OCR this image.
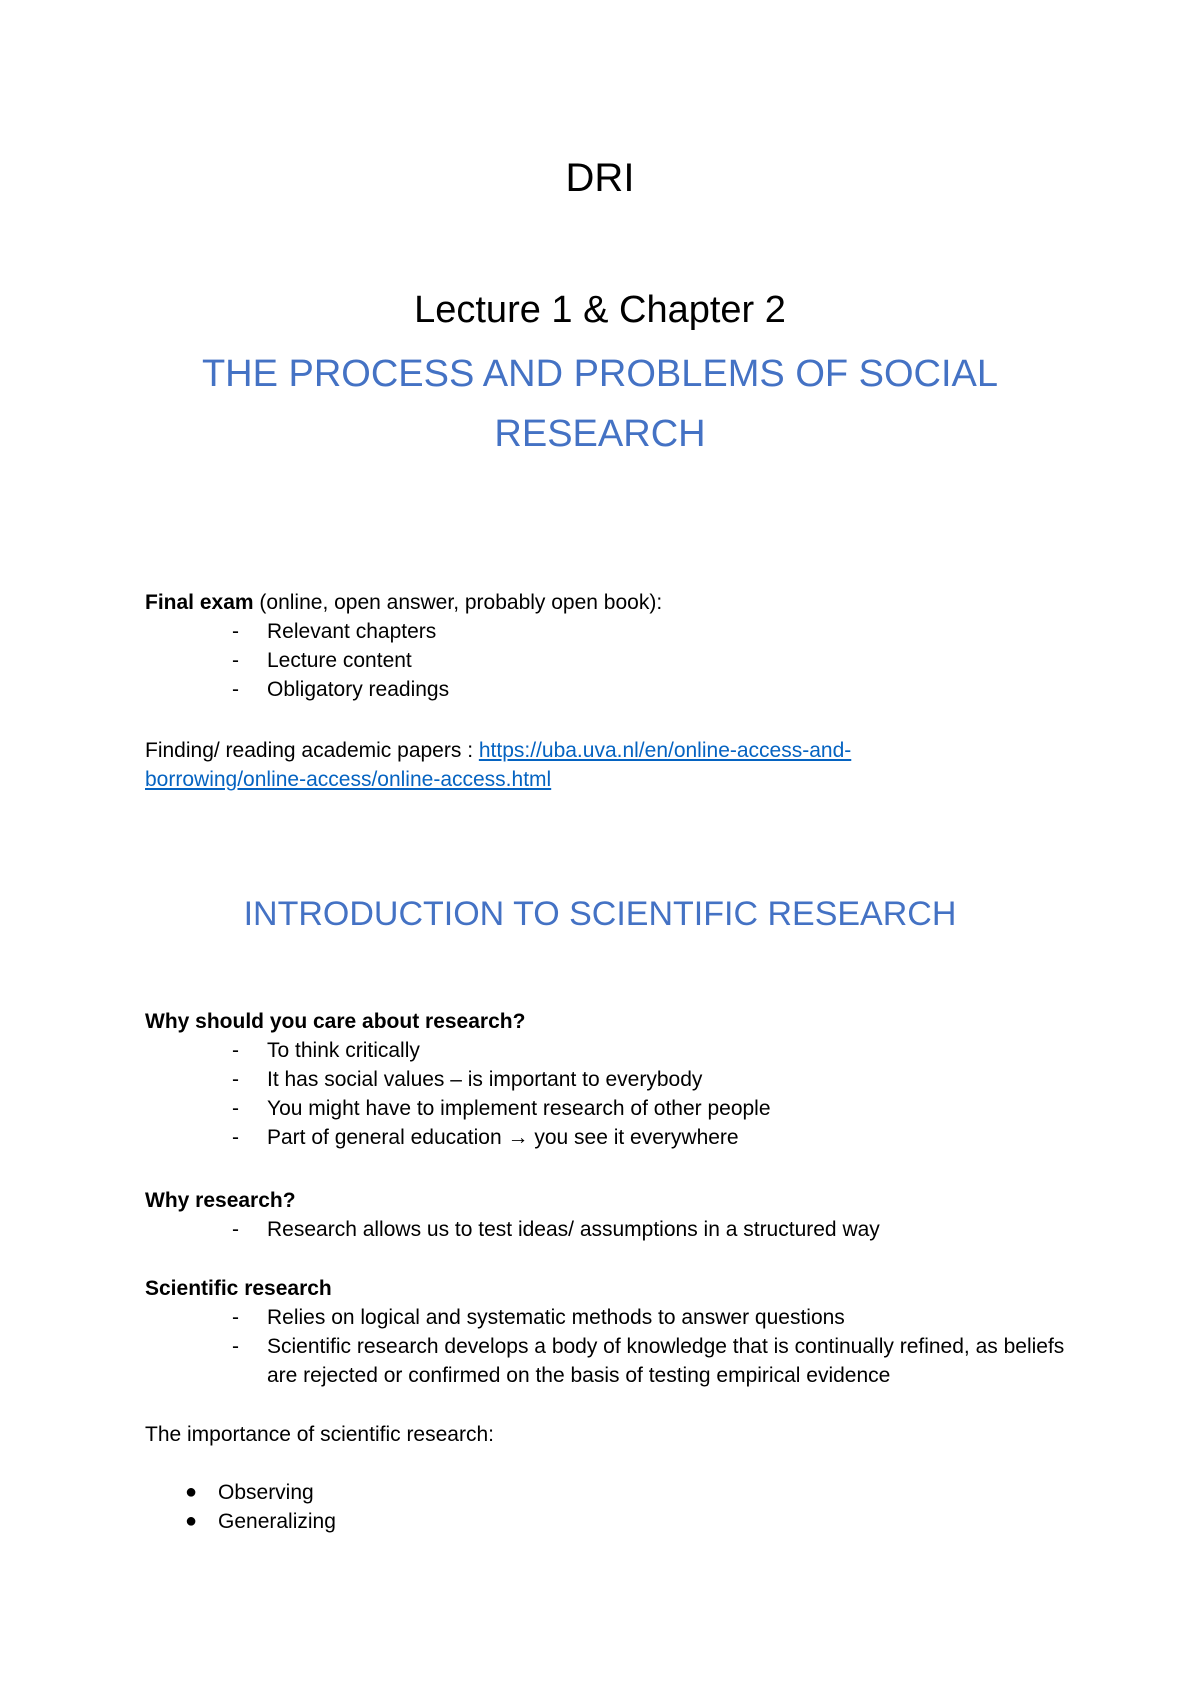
DRI
Lecture 1 & Chapter 2
THE PROCESS AND PROBLEMS OF SOCIAL
RESEARCH

Final exam (online, open answer, probably open book):

- Relevant chapters
- Lecture content
- Obligatory readings

Finding/ reading academic papers : https://uba.uva.nl/en/online-access-and-

borrowing/online-access/online-access.html

INTRODUCTION TO SCIENTIFIC RESEARCH

Why should you care about research?

- To think critically
- It has social values – is important to everybody
- You might have to implement research of other people
- Part of general education → you see it everywhere

Why research?

- Research allows us to test ideas/ assumptions in a structured way

Scientific research

- Relies on logical and systematic methods to answer questions
- Scientific research develops a body of knowledge that is continually refined, as beliefs are rejected or confirmed on the basis of testing empirical evidence

The importance of scientific research:

● Observing
● Generalizing
